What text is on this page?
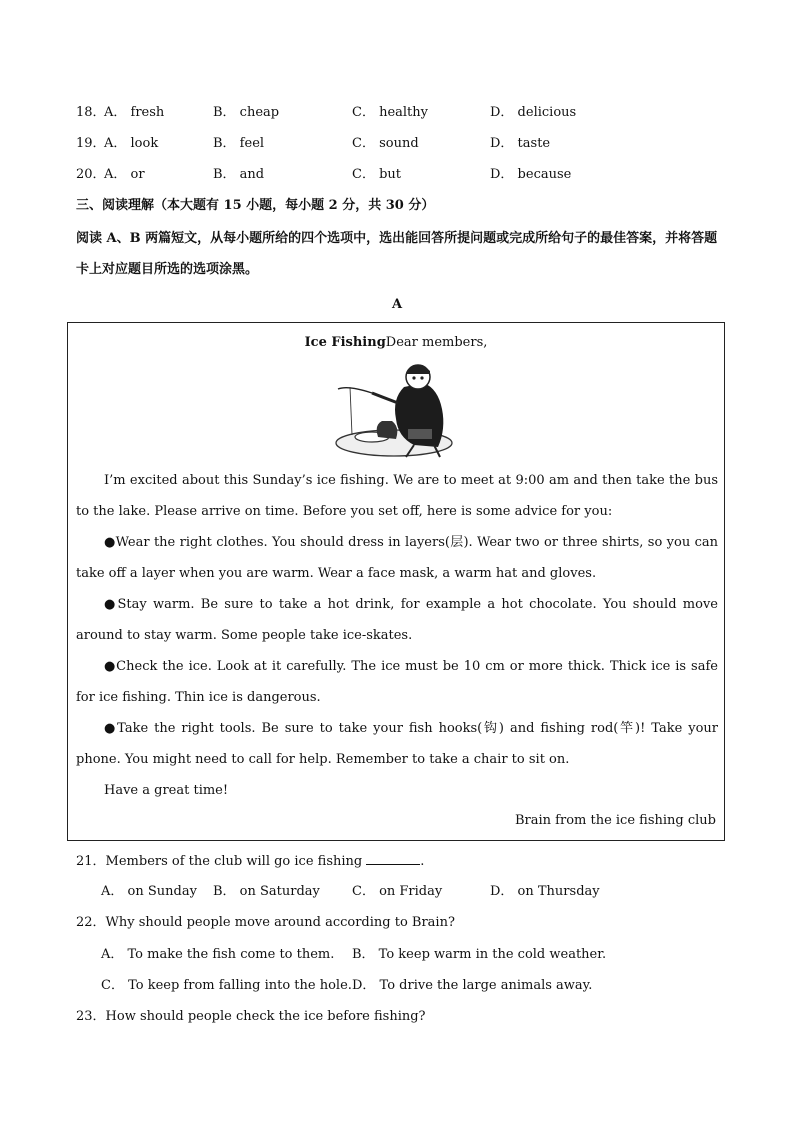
18．
A． fresh	B． cheap	C． healthy	D． delicious
19．
A． look	B． feel	C． sound	D． taste
20．
A． or	B． and	C． but	D． because
三、阅读理解（本大题有 15 小题，每小题 2 分，共 30 分）
阅读 A、B 两篇短文，从每小题所给的四个选项中，选出能回答所提问题或完成所给句子的最佳答案，并将答题卡上对应题目所选的选项涂黑。
A
Ice FishingDear members,

I’m excited about this Sunday’s ice fishing. We are to meet at 9:00 am and then take the bus to the lake. Please arrive on time. Before you set off, here is some advice for you:

●Wear the right clothes. You should dress in layers(层). Wear two or three shirts, so you can take off a layer when you are warm. Wear a face mask, a warm hat and gloves.

●Stay warm. Be sure to take a hot drink, for example a hot chocolate. You should move around to stay warm. Some people take ice-skates.

●Check the ice. Look at it carefully. The ice must be 10 cm or more thick. Thick ice is safe for ice fishing. Thin ice is dangerous.

●Take the right tools. Be sure to take your fish hooks(钩) and fishing rod(竿)! Take your phone. You might need to call for help. Remember to take a chair to sit on.

Have a great time!

Brain from the ice fishing club
21．Members of the club will go ice fishing	.
A． on Sunday B． on Saturday C． on Friday	D． on Thursday
22．Why should people move around according to Brain?
A． To make the fish come to them. B． To keep warm in the cold weather.
C． To keep from falling into the hole. D． To drive the large animals away.
23．How should people check the ice before fishing?
